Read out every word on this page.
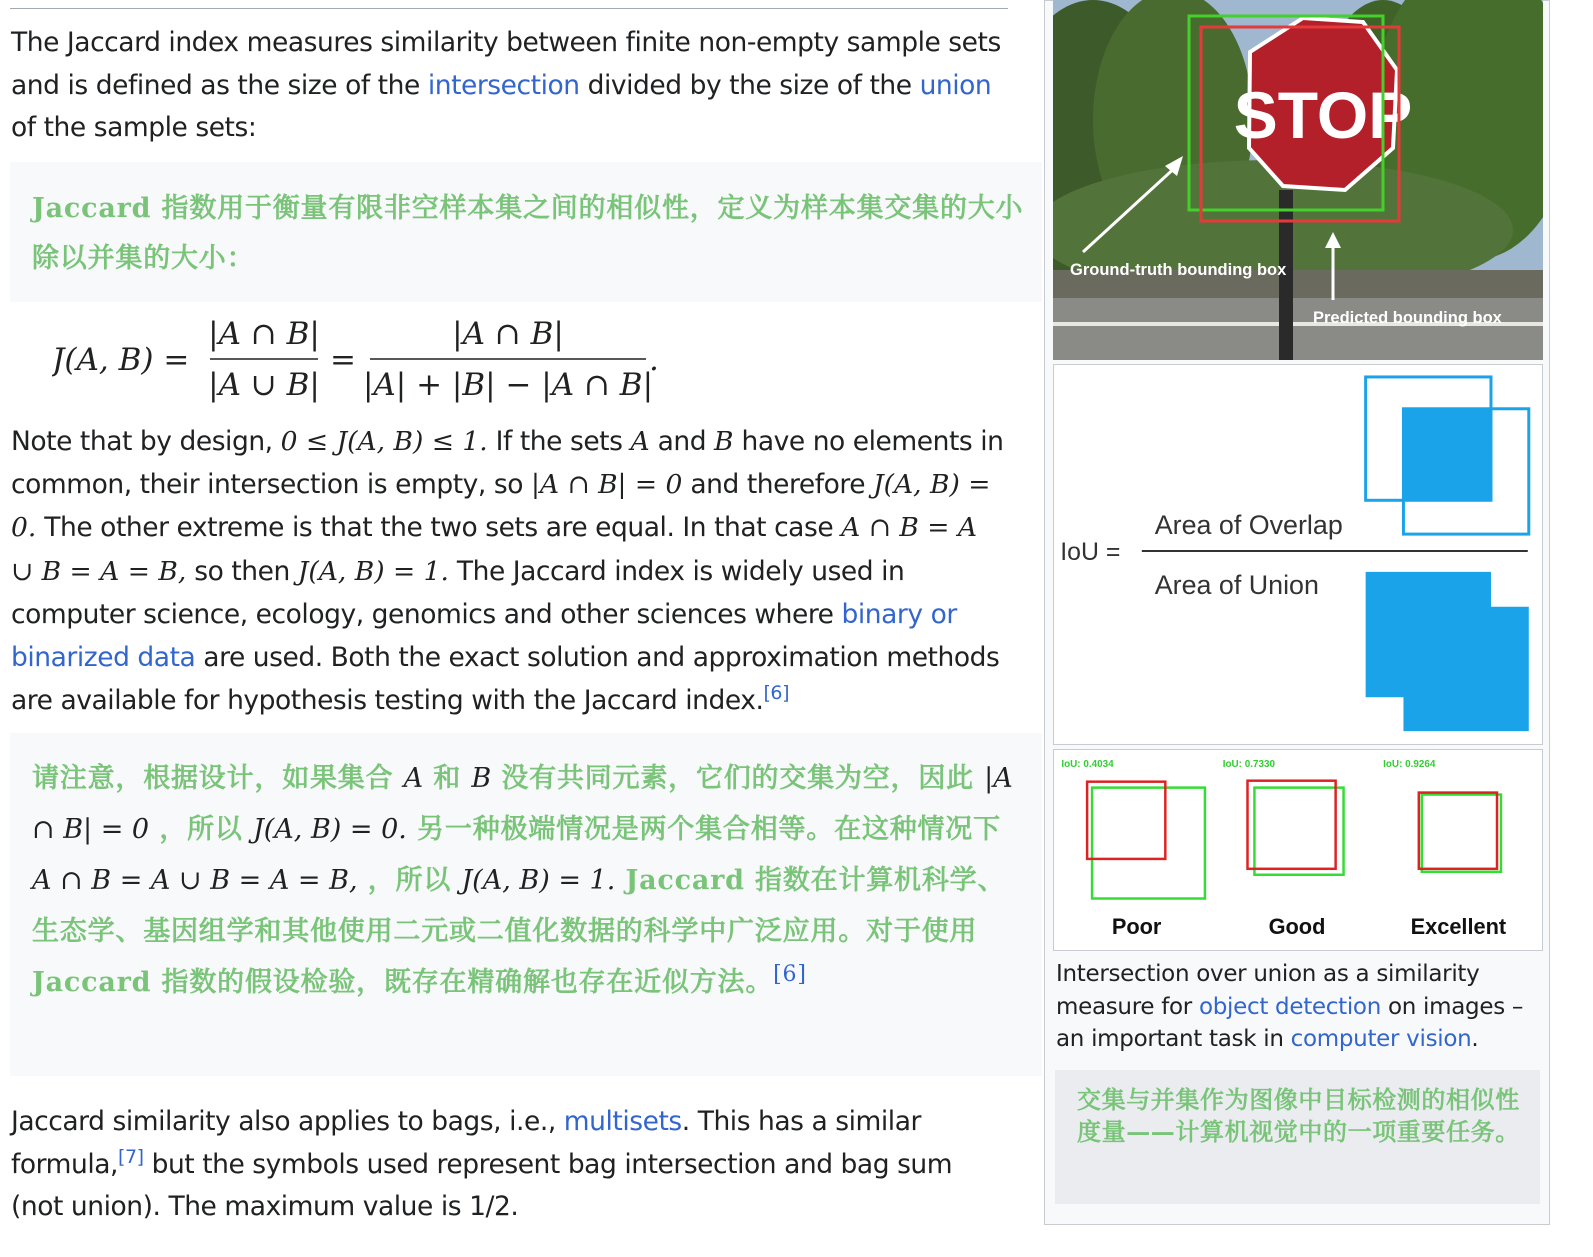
The Jaccard index measures similarity between finite non-empty sample sets and is defined as the size of the intersection divided by the size of the union of the sample sets:
Jaccard 指数用于衡量有限非空样本集之间的相似性，定义为样本集交集的大小除以并集的大小：
J(A, B) =
|A ∩ B|
|A ∪ B|
=
|A ∩ B|
|A| + |B| − |A ∩ B|
.
Note that by design, 0 ≤ J(A, B) ≤ 1. If the sets A and B have no elements in common, their intersection is empty, so |A ∩ B| = 0 and therefore J(A, B) = 0. The other extreme is that the two sets are equal. In that case A ∩ B = A ∪ B = A = B, so then J(A, B) = 1. The Jaccard index is widely used in computer science, ecology, genomics and other sciences where binary or binarized data are used. Both the exact solution and approximation methods are available for hypothesis testing with the Jaccard index.[6]
请注意，根据设计，如果集合 A 和 B 没有共同元素，它们的交集为空，因此 |A ∩ B| = 0 ，所以 J(A, B) = 0. 另一种极端情况是两个集合相等。在这种情况下 A ∩ B = A ∪ B = A = B, ，所以 J(A, B) = 1. Jaccard 指数在计算机科学、生态学、基因组学和其他使用二元或二值化数据的科学中广泛应用。对于使用 Jaccard 指数的假设检验，既存在精确解也存在近似方法。[6]
Jaccard similarity also applies to bags, i.e., multisets. This has a similar formula,[7] but the symbols used represent bag intersection and bag sum (not union). The maximum value is 1/2.
STOP
Ground-truth bounding box
Predicted bounding box
IoU =
Area of Overlap
Area of Union
IoU: 0.4034
Poor
IoU: 0.7330
Good
IoU: 0.9264
Excellent
Intersection over union as a similarity measure for object detection on images – an important task in computer vision.
交集与并集作为图像中目标检测的相似性度量——计算机视觉中的一项重要任务。
